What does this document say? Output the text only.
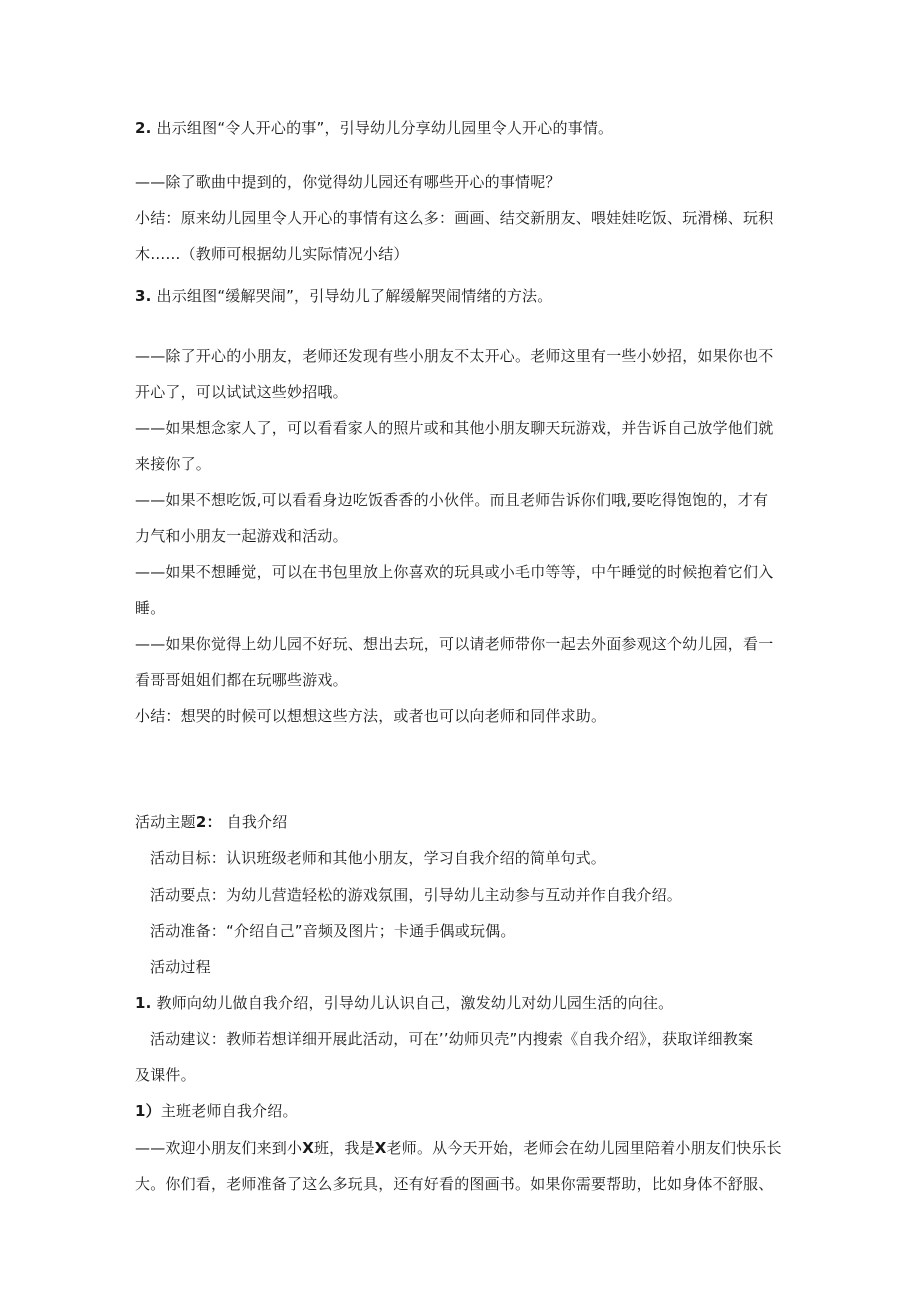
2. 出示组图“令人开心的事”，引导幼儿分享幼儿园里令人开心的事情。
——除了歌曲中提到的，你觉得幼儿园还有哪些开心的事情呢？
小结：原来幼儿园里令人开心的事情有这么多：画画、结交新朋友、喂娃娃吃饭、玩滑梯、玩积
木……（教师可根据幼儿实际情况小结）
3. 出示组图“缓解哭闹”，引导幼儿了解缓解哭闹情绪的方法。
——除了开心的小朋友，老师还发现有些小朋友不太开心。老师这里有一些小妙招，如果你也不
开心了，可以试试这些妙招哦。
——如果想念家人了，可以看看家人的照片或和其他小朋友聊天玩游戏，并告诉自己放学他们就
来接你了。
——如果不想吃饭,可以看看身边吃饭香香的小伙伴。而且老师告诉你们哦,要吃得饱饱的，才有
力气和小朋友一起游戏和活动。
——如果不想睡觉，可以在书包里放上你喜欢的玩具或小毛巾等等，中午睡觉的时候抱着它们入
睡。
——如果你觉得上幼儿园不好玩、想出去玩，可以请老师带你一起去外面参观这个幼儿园，看一
看哥哥姐姐们都在玩哪些游戏。
小结：想哭的时候可以想想这些方法，或者也可以向老师和同伴求助。
活动主题2： 自我介绍
活动目标：认识班级老师和其他小朋友，学习自我介绍的简单句式。
活动要点：为幼儿营造轻松的游戏氛围，引导幼儿主动参与互动并作自我介绍。
活动准备：“介绍自己”音频及图片；卡通手偶或玩偶。
活动过程
1. 教师向幼儿做自我介绍，引导幼儿认识自己，激发幼儿对幼儿园生活的向往。
活动建议：教师若想详细开展此活动，可在’’幼师贝壳”内搜索《自我介绍》，获取详细教案
及课件。
1）主班老师自我介绍。
——欢迎小朋友们来到小X班，我是X老师。从今天开始，老师会在幼儿园里陪着小朋友们快乐长
大。你们看，老师准备了这么多玩具，还有好看的图画书。如果你需要帮助，比如身体不舒服、
